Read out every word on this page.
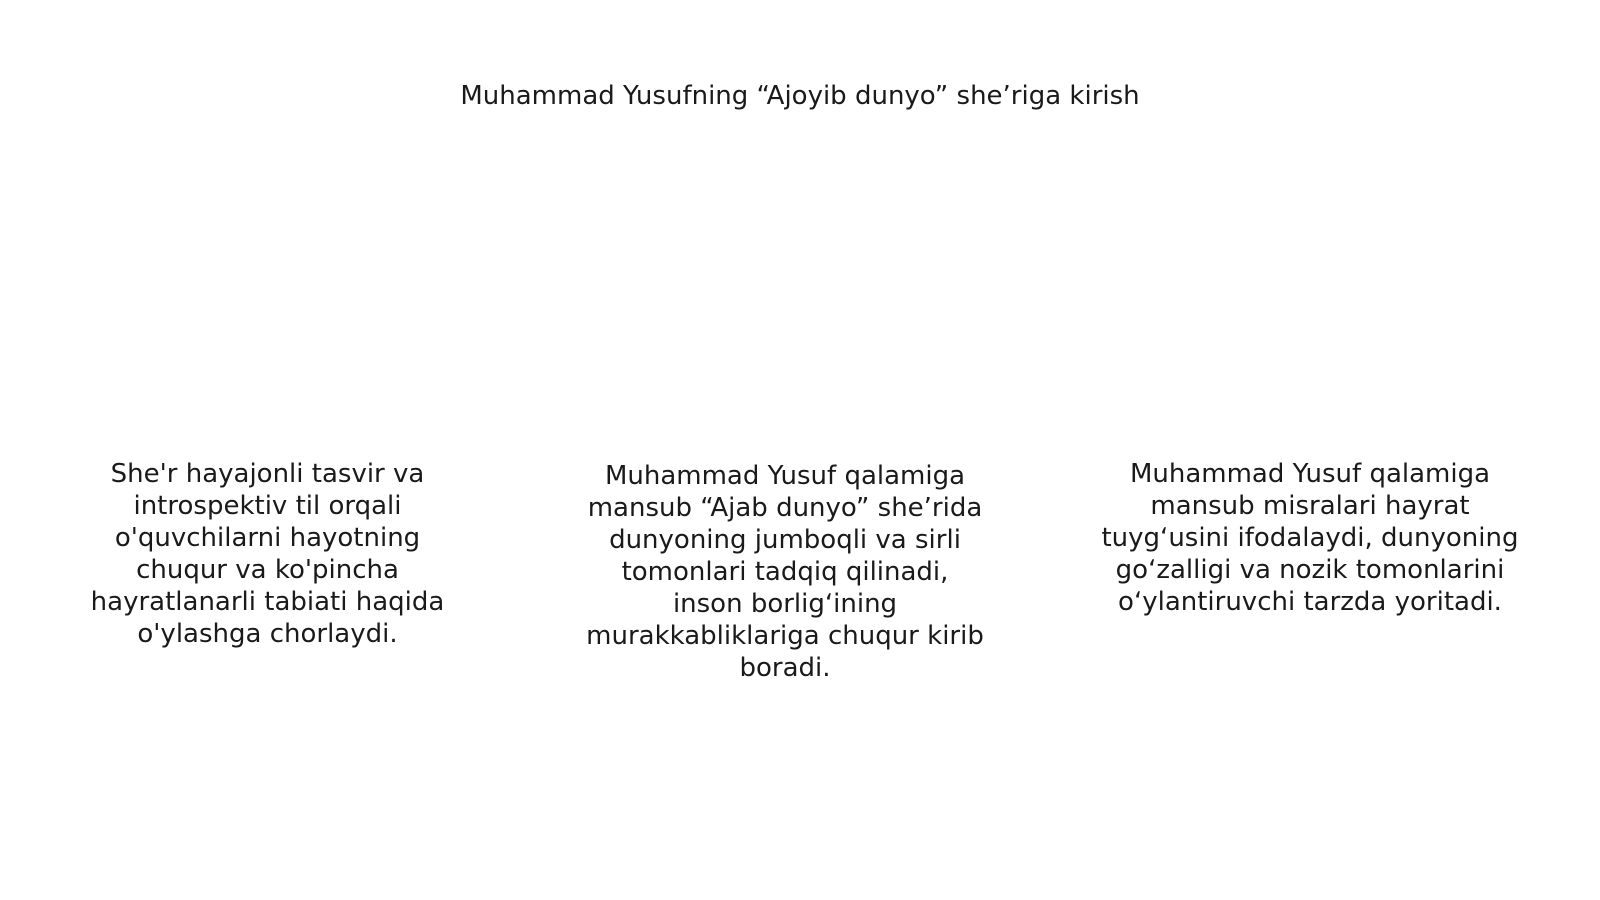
Muhammad Yusufning “Ajoyib dunyo” she’riga kirish

She'r hayajonli tasvir va
introspektiv til orqali
o'quvchilarni hayotning
chuqur va ko'pincha
hayratlanarli tabiati haqida
o'ylashga chorlaydi.

Muhammad Yusuf qalamiga
mansub “Ajab dunyo” she’rida
dunyoning jumboqli va sirli
tomonlari tadqiq qilinadi,
inson borligʻining
murakkabliklariga chuqur kirib
boradi.

Muhammad Yusuf qalamiga
mansub misralari hayrat
tuygʻusini ifodalaydi, dunyoning
goʻzalligi va nozik tomonlarini
oʻylantiruvchi tarzda yoritadi.
